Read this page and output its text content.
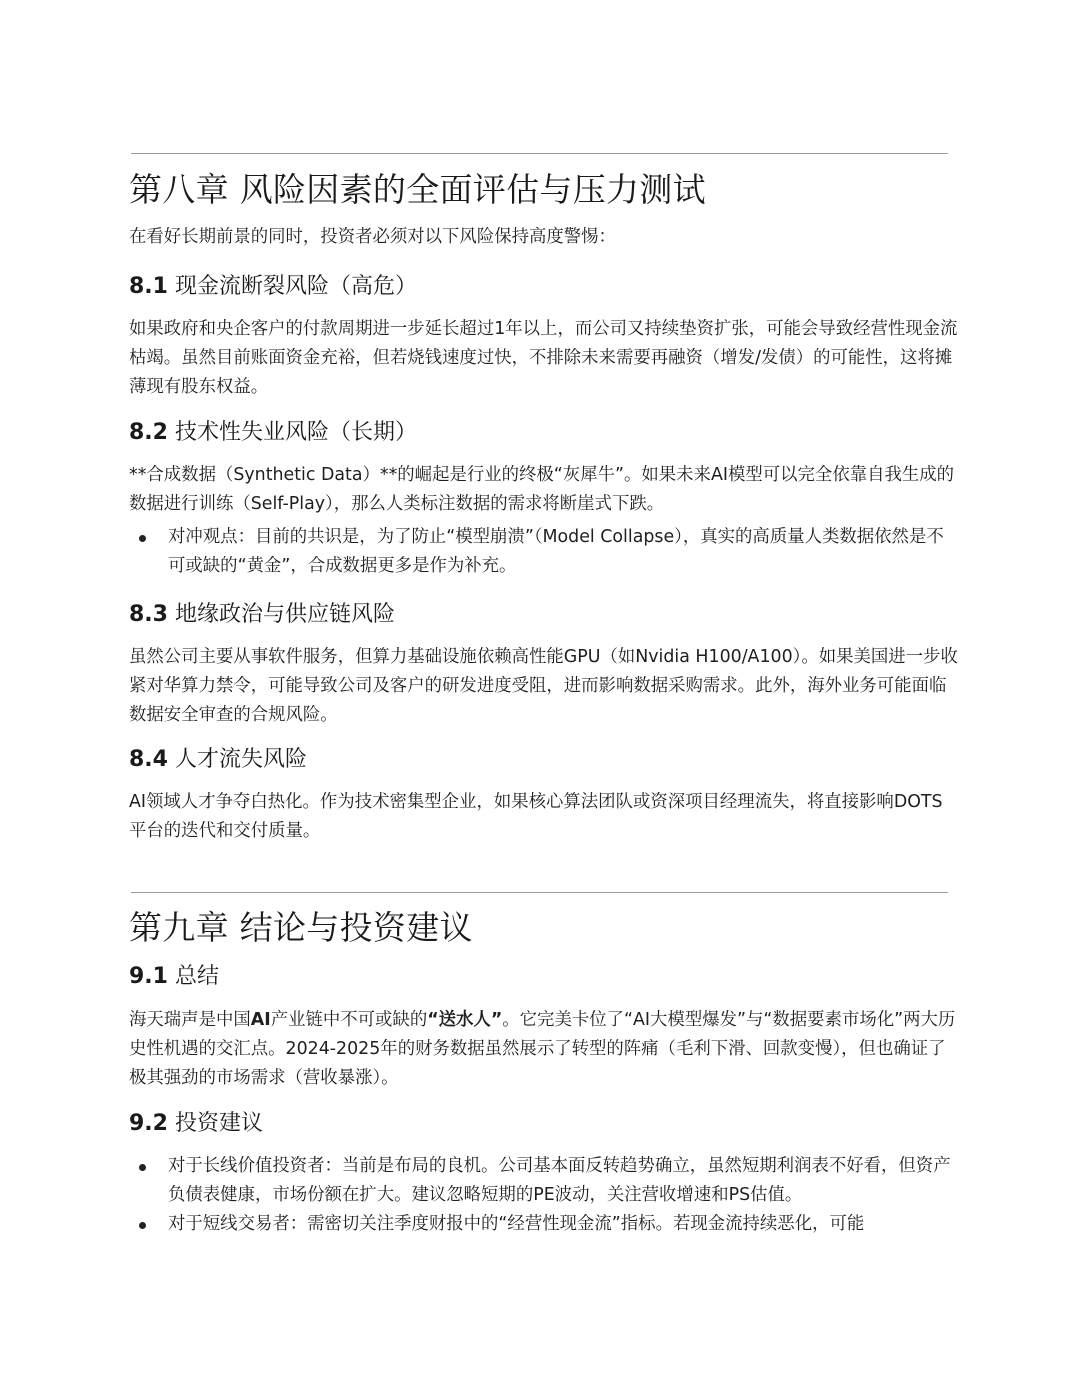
第八章 风险因素的全面评估与压力测试

在看好长期前景的同时，投资者必须对以下风险保持高度警惕：

8.1 现金流断裂风险（高危）

如果政府和央企客户的付款周期进一步延长超过1年以上，而公司又持续垫资扩张，可能会导致经营性现金流枯竭。虽然目前账面资金充裕，但若烧钱速度过快，不排除未来需要再融资（增发/发债）的可能性，这将摊薄现有股东权益。

8.2 技术性失业风险（长期）

**合成数据（Synthetic Data）**的崛起是行业的终极“灰犀牛”。如果未来AI模型可以完全依靠自我生成的数据进行训练（Self-Play），那么人类标注数据的需求将断崖式下跌。

对冲观点：目前的共识是，为了防止“模型崩溃”（Model Collapse），真实的高质量人类数据依然是不可或缺的“黄金”，合成数据更多是作为补充。
8.3 地缘政治与供应链风险

虽然公司主要从事软件服务，但算力基础设施依赖高性能GPU（如Nvidia H100/A100）。如果美国进一步收紧对华算力禁令，可能导致公司及客户的研发进度受阻，进而影响数据采购需求。此外，海外业务可能面临数据安全审查的合规风险。

8.4 人才流失风险

AI领域人才争夺白热化。作为技术密集型企业，如果核心算法团队或资深项目经理流失，将直接影响DOTS平台的迭代和交付质量。

第九章 结论与投资建议
9.1 总结

海天瑞声是中国AI产业链中不可或缺的“送水人”。它完美卡位了“AI大模型爆发”与“数据要素市场化”两大历史性机遇的交汇点。2024-2025年的财务数据虽然展示了转型的阵痛（毛利下滑、回款变慢），但也确证了极其强劲的市场需求（营收暴涨）。

9.2 投资建议
对于长线价值投资者：当前是布局的良机。公司基本面反转趋势确立，虽然短期利润表不好看，但资产负债表健康，市场份额在扩大。建议忽略短期的PE波动，关注营收增速和PS估值。
对于短线交易者：需密切关注季度财报中的“经营性现金流”指标。若现金流持续恶化，可能
